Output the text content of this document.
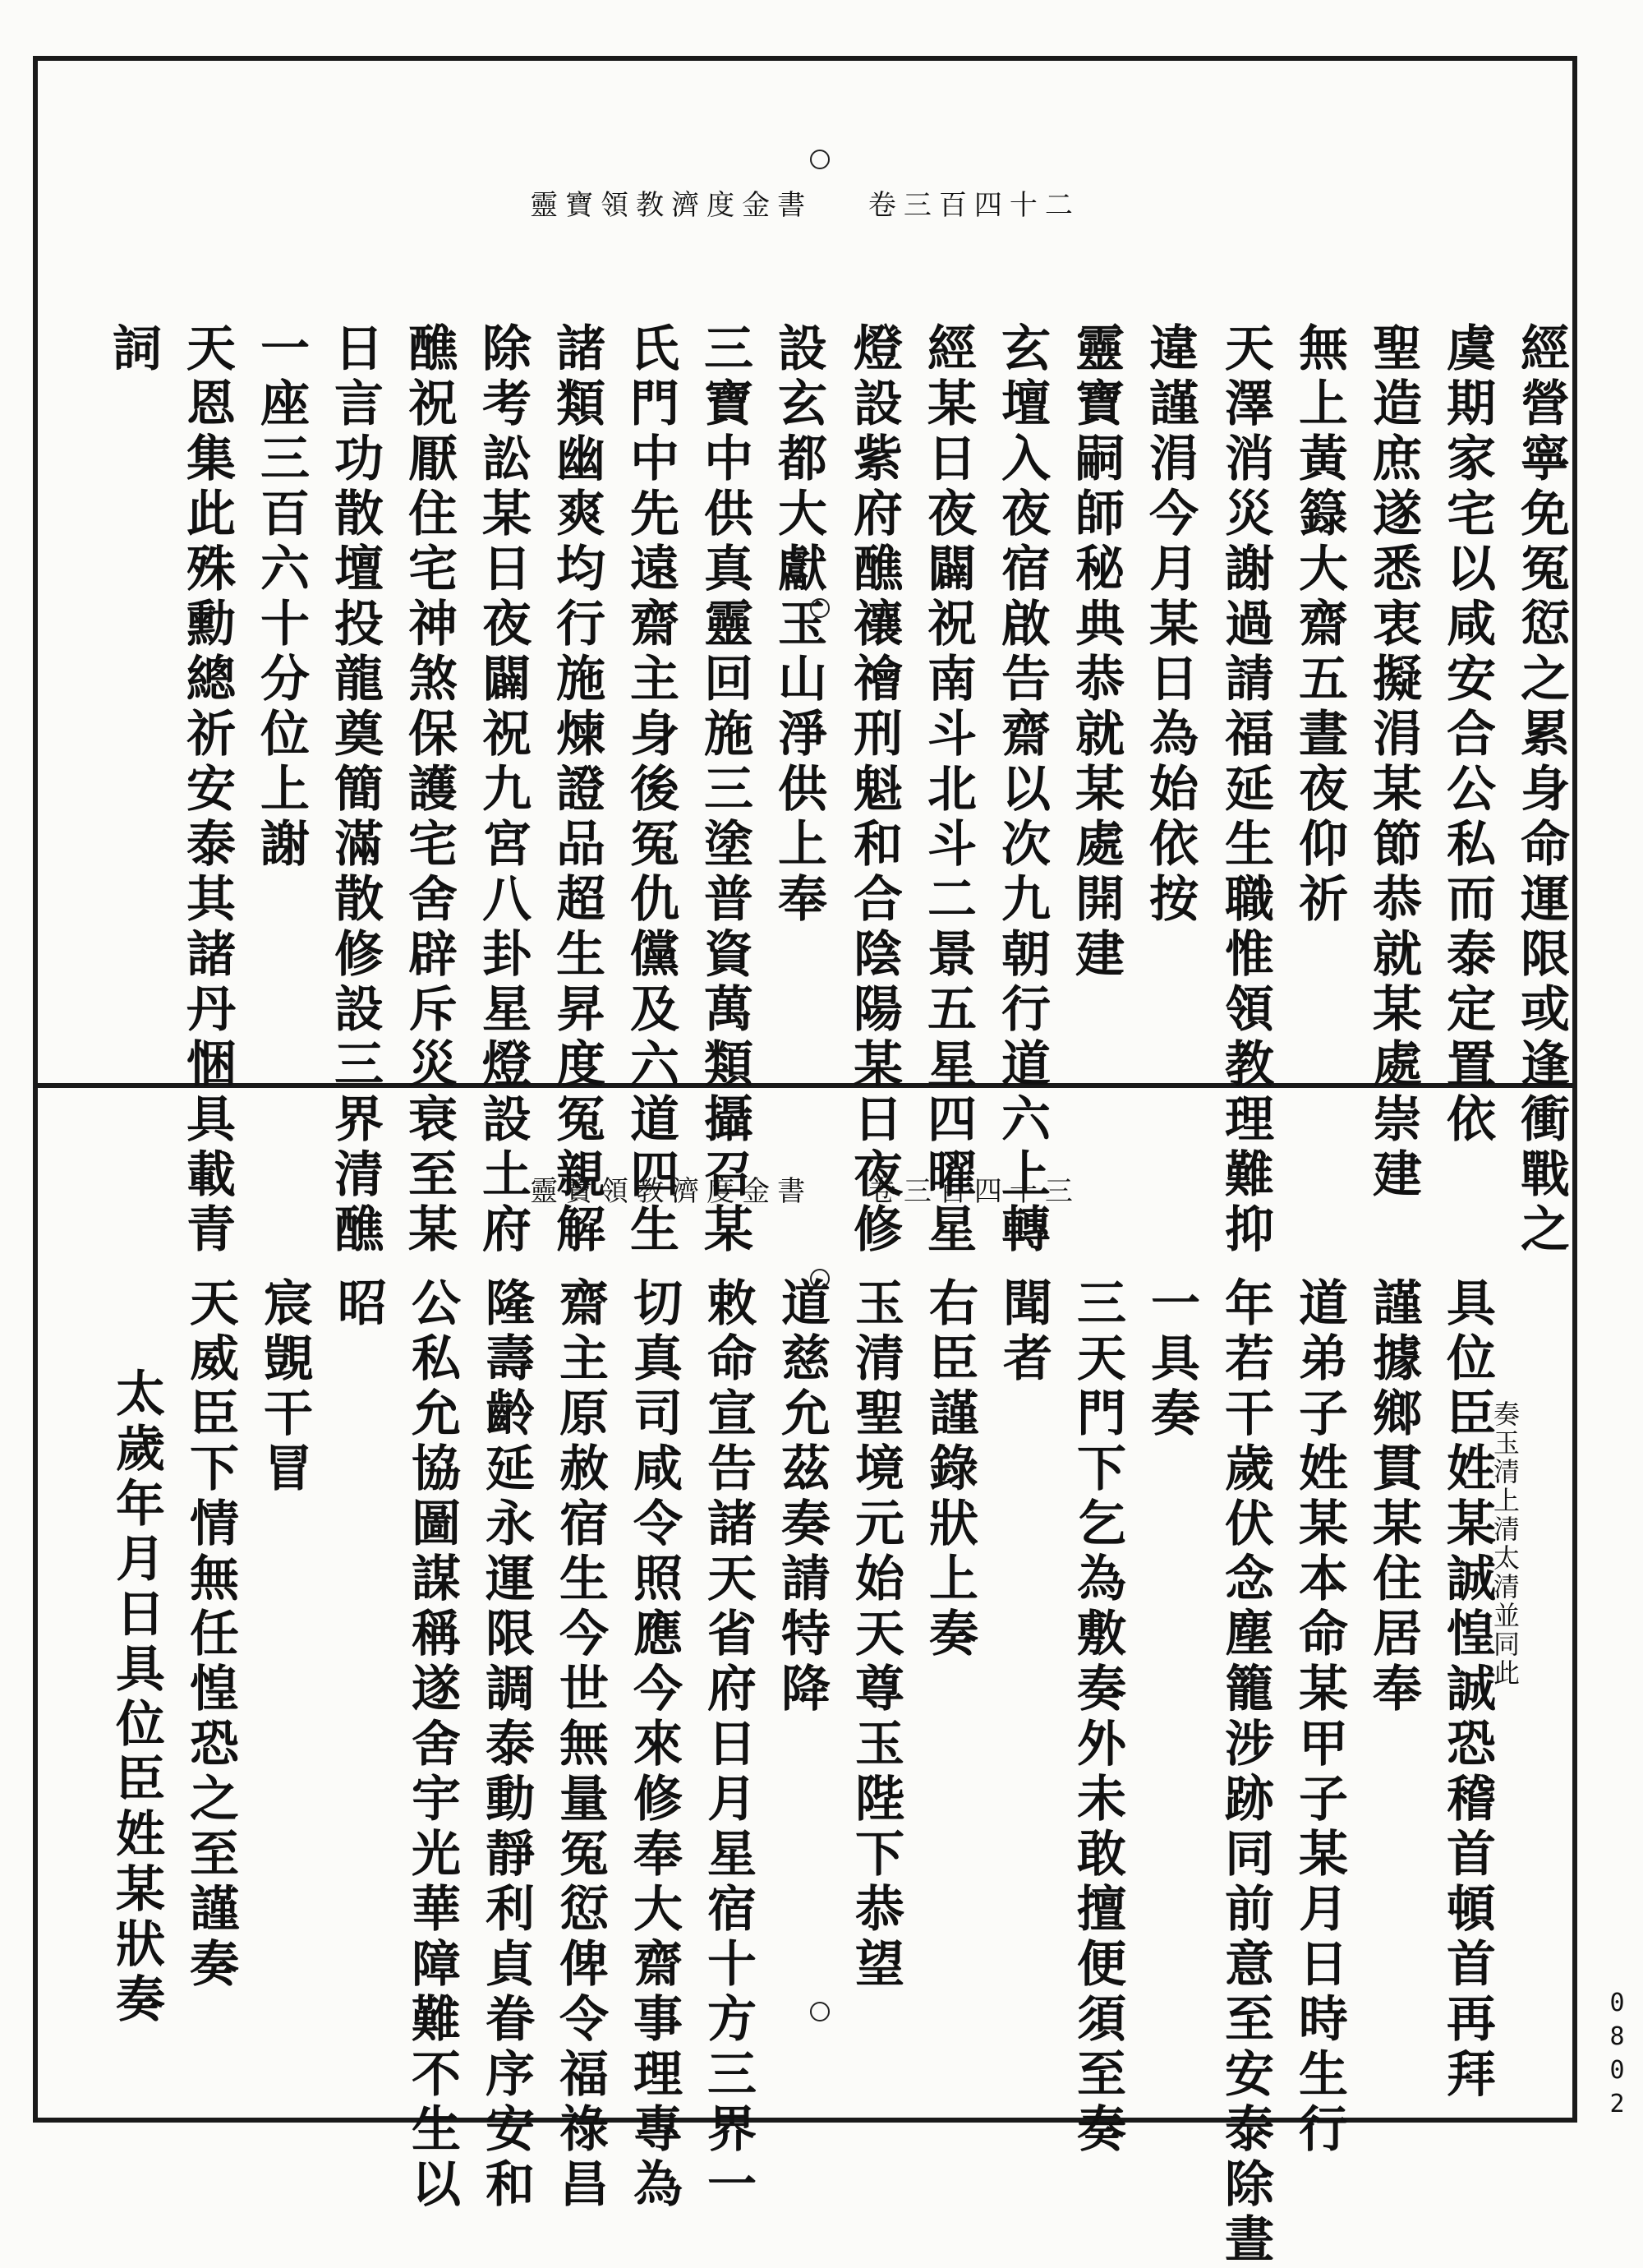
靈寶領教濟度金書 卷三百四十二
經營寧免冤愆之累身命運限或逢衝戰之
虞期家宅以咸安合公私而泰定置依
聖造庶遂悉衷擬涓某節恭就某處崇建
無上黃籙大齋五晝夜仰祈
天澤消災謝過請福延生職惟領教理難抑
違謹涓今月某日為始依按
靈寶嗣師秘典恭就某處開建
玄壇入夜宿啟告齋以次九朝行道六上轉
經某日夜闢祝南斗北斗二景五星四曜星
燈設紫府醮禳禬刑魁和合陰陽某日夜修
設玄都大獻玉山淨供上奉
三寶中供真靈回施三塗普資萬類攝召某
氏門中先遠齋主身後冤仇儻及六道四生
諸類幽爽均行施煉證品超生昇度冤親解
除考訟某日夜闢祝九宮八卦星燈設土府
醮祝厭住宅神煞保護宅舍辟斥災衰至某
日言功散壇投龍奠簡滿散修設三界清醮
一座三百六十分位上謝
天恩集此殊勳總祈安泰其諸丹悃具載青
詞
靈寶領教濟度金書 卷三百四十三
具位臣姓某誠惶誠恐稽首頓首再拜
謹據鄉貫某住居奉
道弟子姓某本命某甲子某月日時生行
年若干歲伏念塵籠涉跡同前意至安泰除晝
一具奏
三天門下乞為敷奏外未敢擅便須至奏
聞者
右臣謹錄狀上奏
玉清聖境元始天尊玉陛下恭望
道慈允茲奏請特降
敕命宣告諸天省府日月星宿十方三界一
切真司咸令照應今來修奉大齋事理專為
齋主原赦宿生今世無量冤愆俾令福祿昌
隆壽齡延永運限調泰動靜利貞眷序安和
公私允協圖謀稱遂舍宇光華障難不生以
昭
宸覬干冒
天威臣下情無任惶恐之至謹奏
太歲年月日具位臣姓某狀奏	奏玉清上清太清並同此
0802
